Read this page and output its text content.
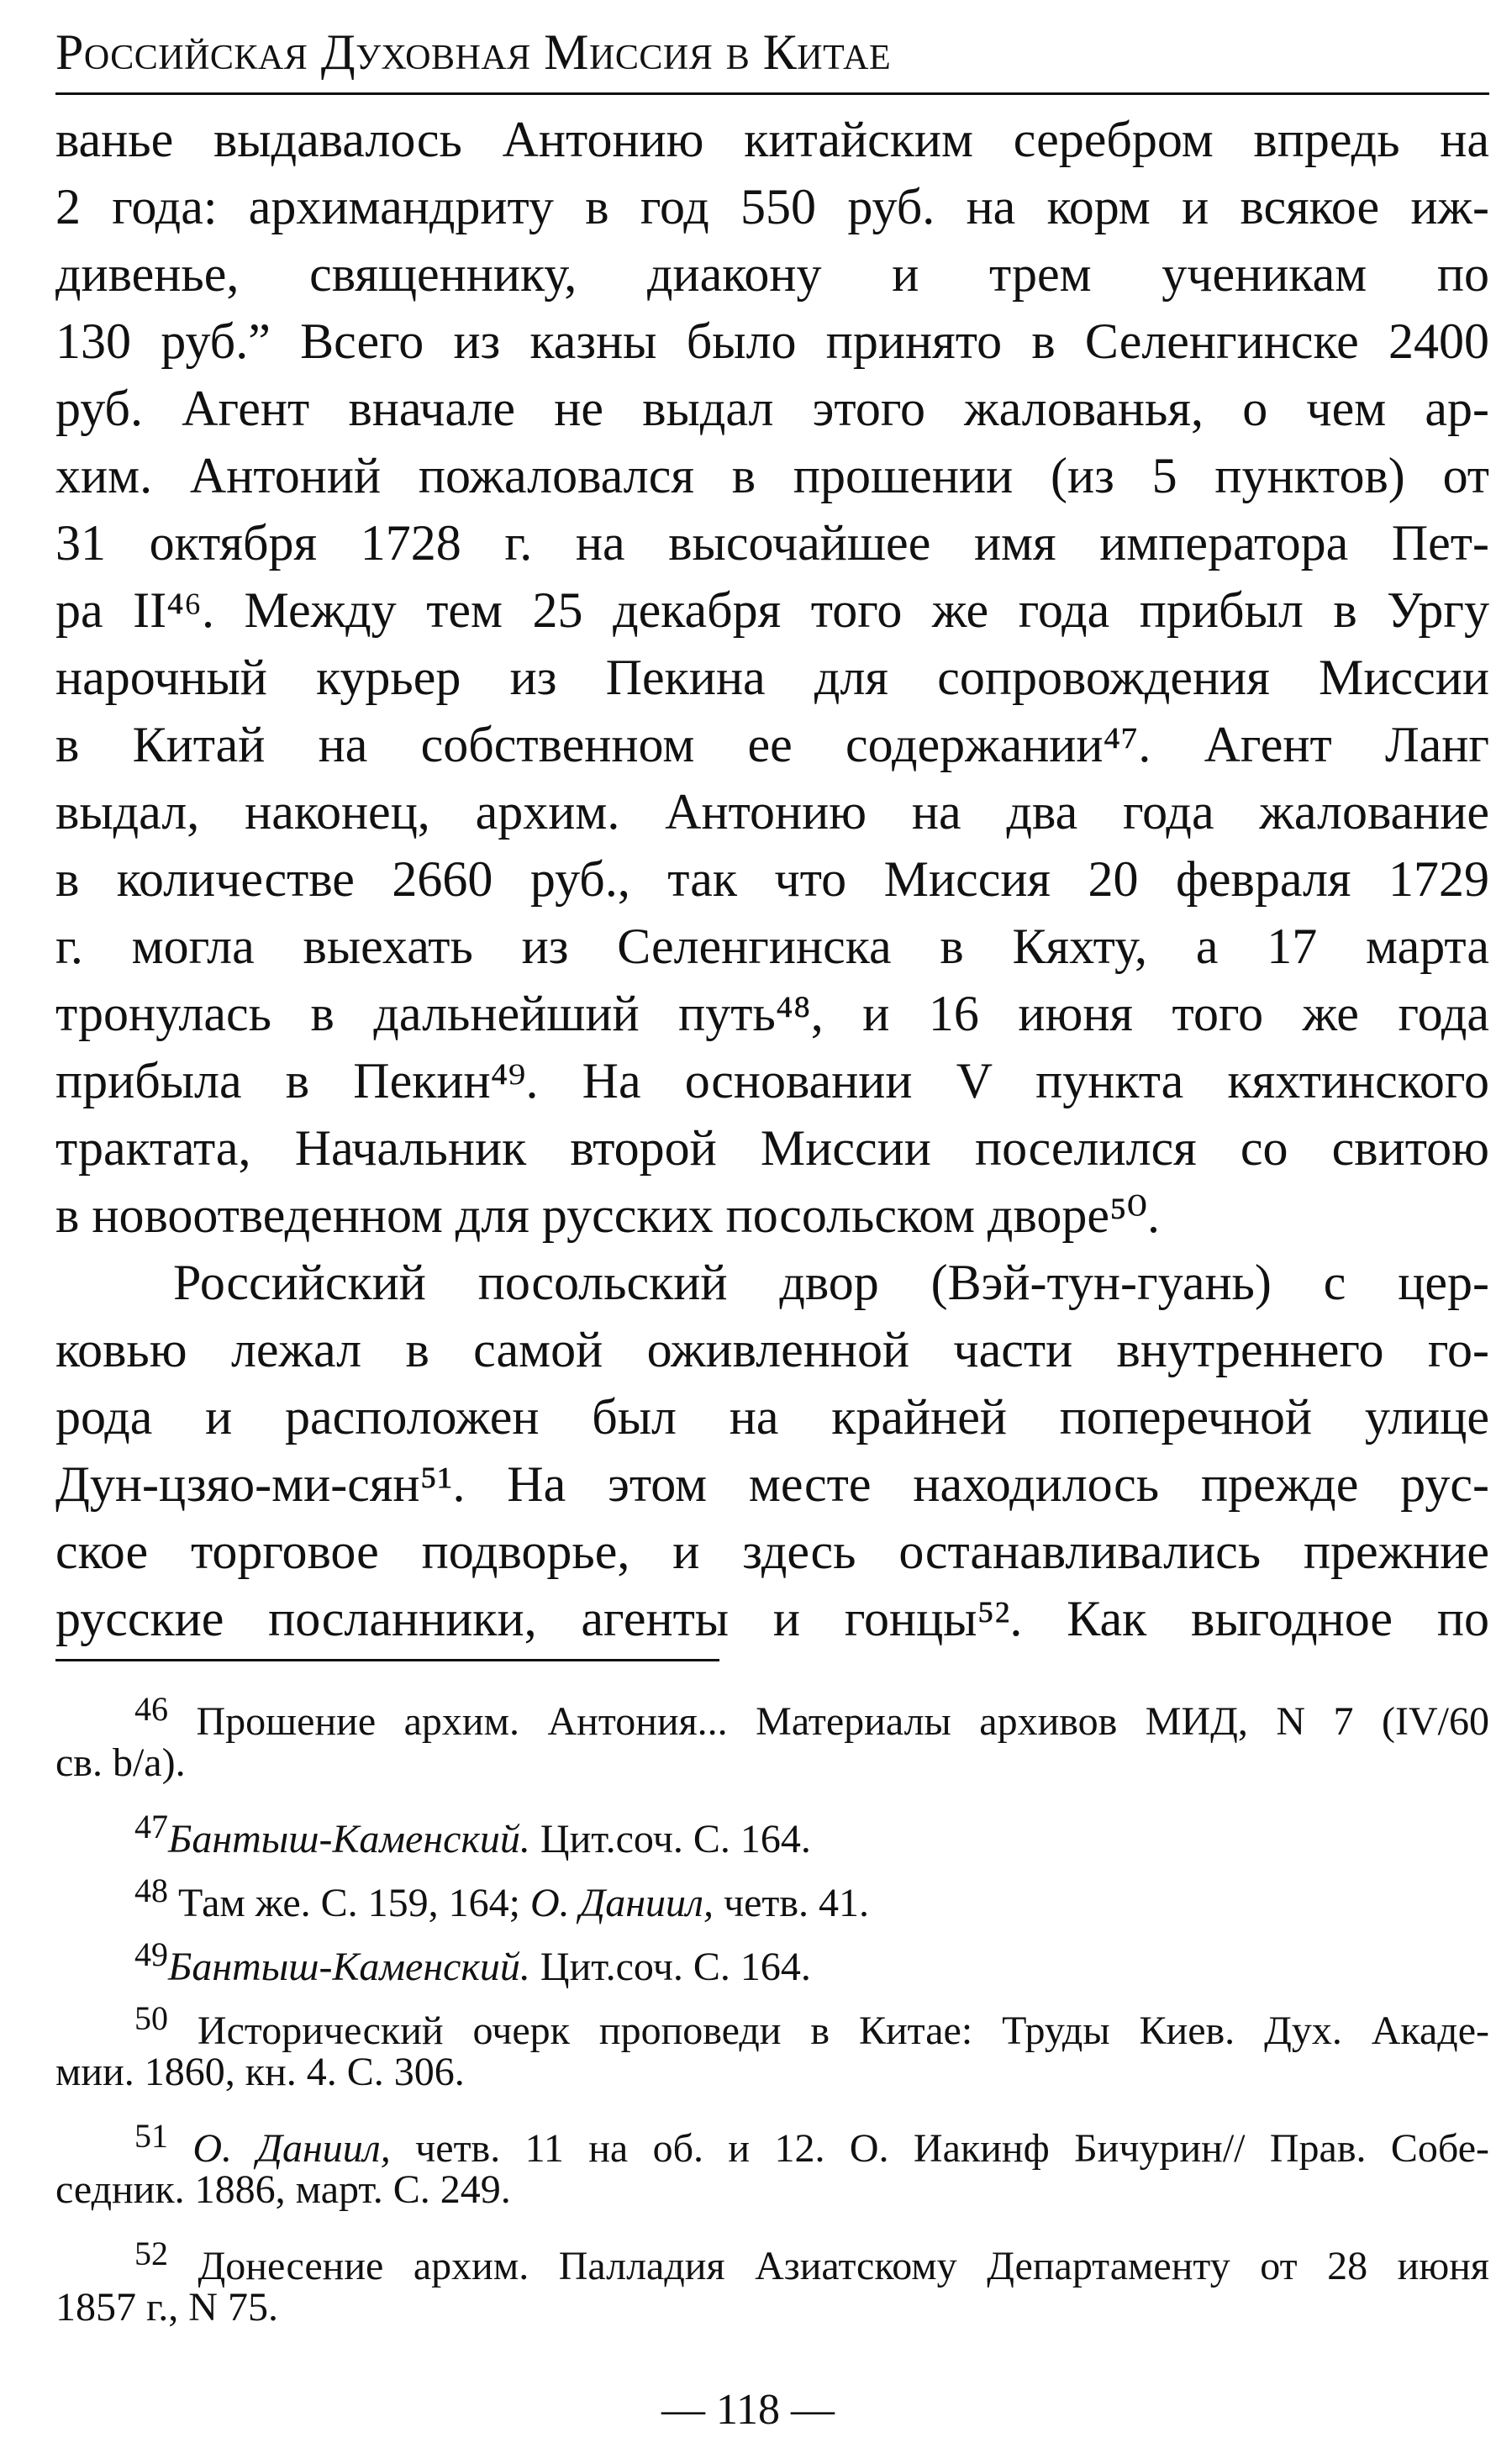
Российская Духовная Миссия в Китае
ванье выдавалось Антонию китайским серебром впредь на
2 года: архимандриту в год 550 руб. на корм и всякое иж-
дивенье, священнику, диакону и трем ученикам по
130 руб.” Всего из казны было принято в Селенгинске 2400
руб. Агент вначале не выдал этого жалованья, о чем ар-
хим. Антоний пожаловался в прошении (из 5 пунктов) от
31 октября 1728 г. на высочайшее имя императора Пет-
ра II⁴⁶. Между тем 25 декабря того же года прибыл в Ургу
нарочный курьер из Пекина для сопровождения Миссии
в Китай на собственном ее содержании⁴⁷. Агент Ланг
выдал, наконец, архим. Антонию на два года жалование
в количестве 2660 руб., так что Миссия 20 февраля 1729
г. могла выехать из Селенгинска в Кяхту, а 17 марта
тронулась в дальнейший путь⁴⁸, и 16 июня того же года
прибыла в Пекин⁴⁹. На основании V пункта кяхтинского
трактата, Начальник второй Миссии поселился со свитою
в новоотведенном для русских посольском дворе⁵⁰.
Российский посольский двор (Вэй-тун-гуань) с цер-
ковью лежал в самой оживленной части внутреннего го-
рода и расположен был на крайней поперечной улице
Дун-цзяо-ми-сян⁵¹. На этом месте находилось прежде рус-
ское торговое подворье, и здесь останавливались прежние
русские посланники, агенты и гонцы⁵². Как выгодное по
$^{46}$ Прошение архим. Антония... Материалы архивов МИД, N 7 (IV/60
св. b/a).
$^{47}$Бантыш-Каменский. Цит.соч. С. 164.
$^{48}$ Там же. С. 159, 164; О. Даниил, четв. 41.
$^{49}$Бантыш-Каменский. Цит.соч. С. 164.
$^{50}$ Исторический очерк проповеди в Китае: Труды Киев. Дух. Акаде-
мии. 1860, кн. 4. С. 306.
$^{51}$ О. Даниил, четв. 11 на об. и 12. О. Иакинф Бичурин// Прав. Собе-
седник. 1886, март. С. 249.
$^{52}$ Донесение архим. Палладия Азиатскому Департаменту от 28 июня
1857 г., N 75.
— 118 —
